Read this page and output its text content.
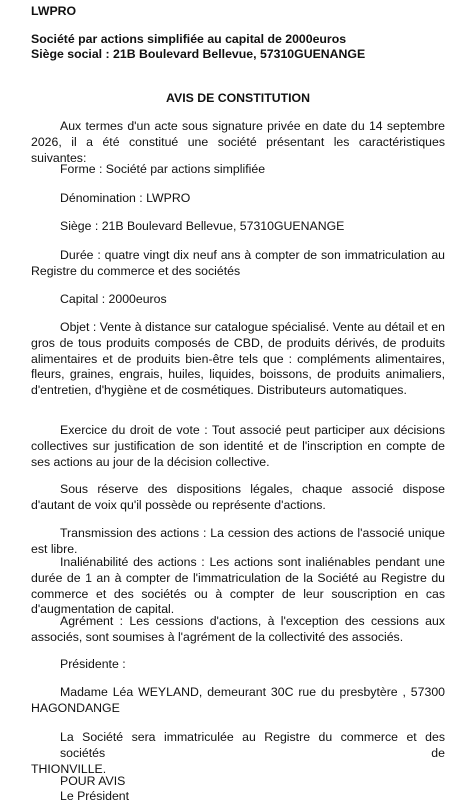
LWPRO

Société par actions simplifiée au capital de 2000euros

Siège social : 21B Boulevard Bellevue, 57310GUENANGE

AVIS DE CONSTITUTION

Aux termes d'un acte sous signature privée en date du 14 septembre 2026, il a été constitué une société présentant les caractéristiques suivantes:

Forme : Société par actions simplifiée

Dénomination : LWPRO

Siège : 21B Boulevard Bellevue, 57310GUENANGE

Durée : quatre vingt dix neuf ans à compter de son immatriculation au Registre du commerce et des sociétés

Capital : 2000euros

Objet : Vente à distance sur catalogue spécialisé. Vente au détail et en gros de tous produits composés de CBD, de produits dérivés, de produits alimentaires et de produits bien-être tels que : compléments alimentaires, fleurs, graines, engrais, huiles, liquides, boissons, de produits animaliers, d'entretien, d'hygiène et de cosmétiques. Distributeurs automatiques.

Exercice du droit de vote : Tout associé peut participer aux décisions collectives sur justification de son identité et de l'inscription en compte de ses actions au jour de la décision collective.

Sous réserve des dispositions légales, chaque associé dispose d'autant de voix qu'il possède ou représente d'actions.

Transmission des actions : La cession des actions de l'associé unique est libre.

Inaliénabilité des actions : Les actions sont inaliénables pendant une durée de 1 an à compter de l'immatriculation de la Société au Registre du commerce et des sociétés ou à compter de leur souscription en cas d'augmentation de capital.

Agrément : Les cessions d'actions, à l'exception des cessions aux associés, sont soumises à l'agrément de la collectivité des associés.

Présidente :

Madame Léa WEYLAND, demeurant 30C rue du presbytère , 57300
HAGONDANGE
La Société sera immatriculée au Registre du commerce et des sociétés de
THIONVILLE.

POUR AVIS

Le Président
